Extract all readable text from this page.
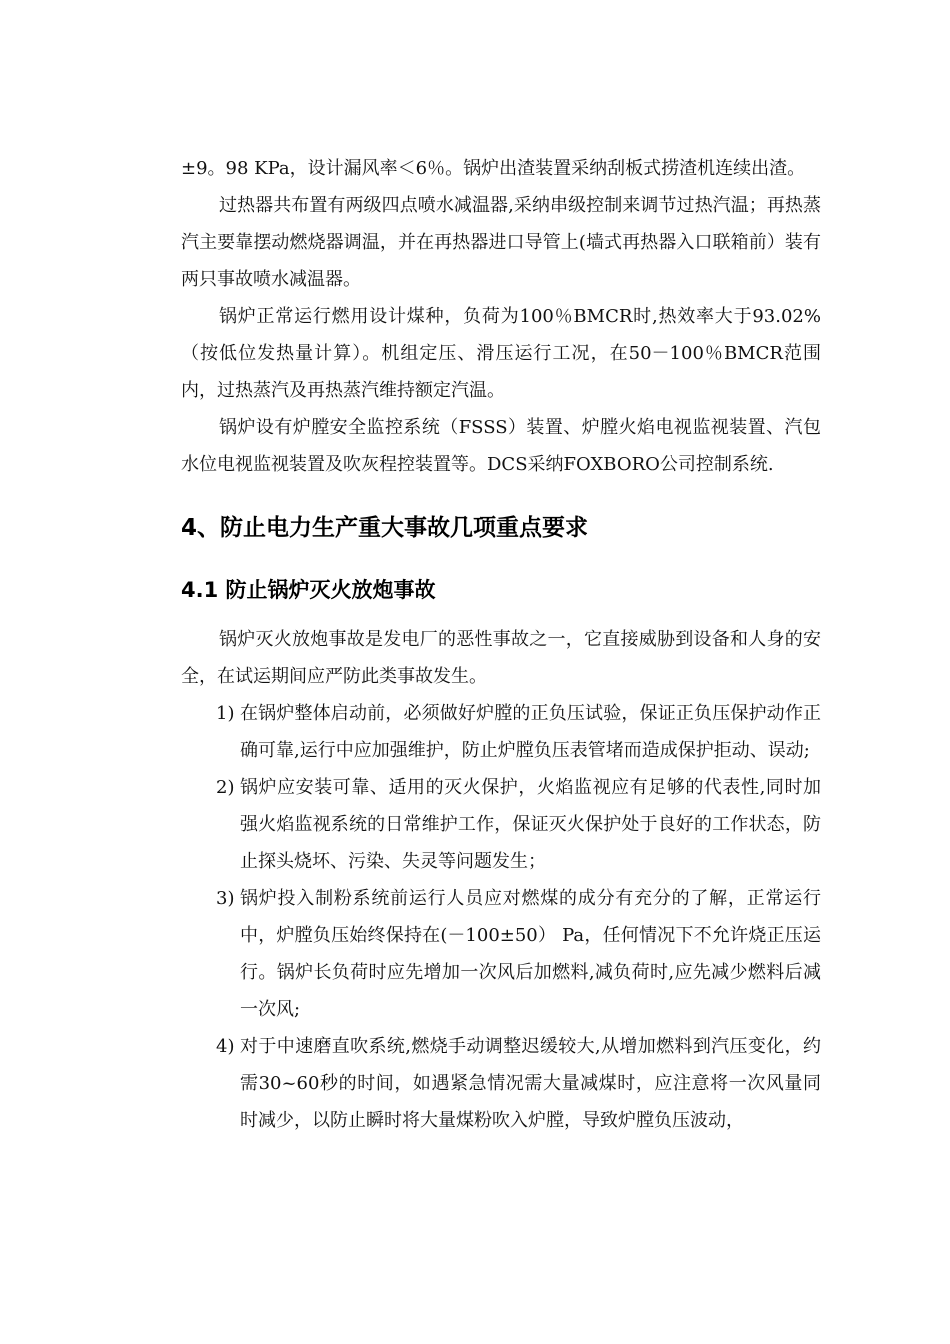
±9。98 KPa，设计漏风率＜6％。锅炉出渣装置采纳刮板式捞渣机连续出渣。

过热器共布置有两级四点喷水减温器,采纳串级控制来调节过热汽温；再热蒸汽主要靠摆动燃烧器调温，并在再热器进口导管上(墙式再热器入口联箱前）装有两只事故喷水减温器。

锅炉正常运行燃用设计煤种，负荷为100％BMCR时,热效率大于93.02%（按低位发热量计算）。机组定压、滑压运行工况，在50－100％BMCR范围内，过热蒸汽及再热蒸汽维持额定汽温。

锅炉设有炉膛安全监控系统（FSSS）装置、炉膛火焰电视监视装置、汽包水位电视监视装置及吹灰程控装置等。DCS采纳FOXBORO公司控制系统.

4、防止电力生产重大事故几项重点要求
4.1 防止锅炉灭火放炮事故

锅炉灭火放炮事故是发电厂的恶性事故之一，它直接威胁到设备和人身的安全，在试运期间应严防此类事故发生。

1) 在锅炉整体启动前，必须做好炉膛的正负压试验，保证正负压保护动作正确可靠,运行中应加强维护，防止炉膛负压表管堵而造成保护拒动、误动;
2) 锅炉应安装可靠、适用的灭火保护，火焰监视应有足够的代表性,同时加强火焰监视系统的日常维护工作，保证灭火保护处于良好的工作状态，防止探头烧坏、污染、失灵等问题发生；
3) 锅炉投入制粉系统前运行人员应对燃煤的成分有充分的了解，正常运行中，炉膛负压始终保持在(－100±50） Pa，任何情况下不允许烧正压运行。锅炉长负荷时应先增加一次风后加燃料,减负荷时,应先减少燃料后减一次风;
4) 对于中速磨直吹系统,燃烧手动调整迟缓较大,从增加燃料到汽压变化，约需30~60秒的时间，如遇紧急情况需大量减煤时，应注意将一次风量同时减少，以防止瞬时将大量煤粉吹入炉膛，导致炉膛负压波动，
